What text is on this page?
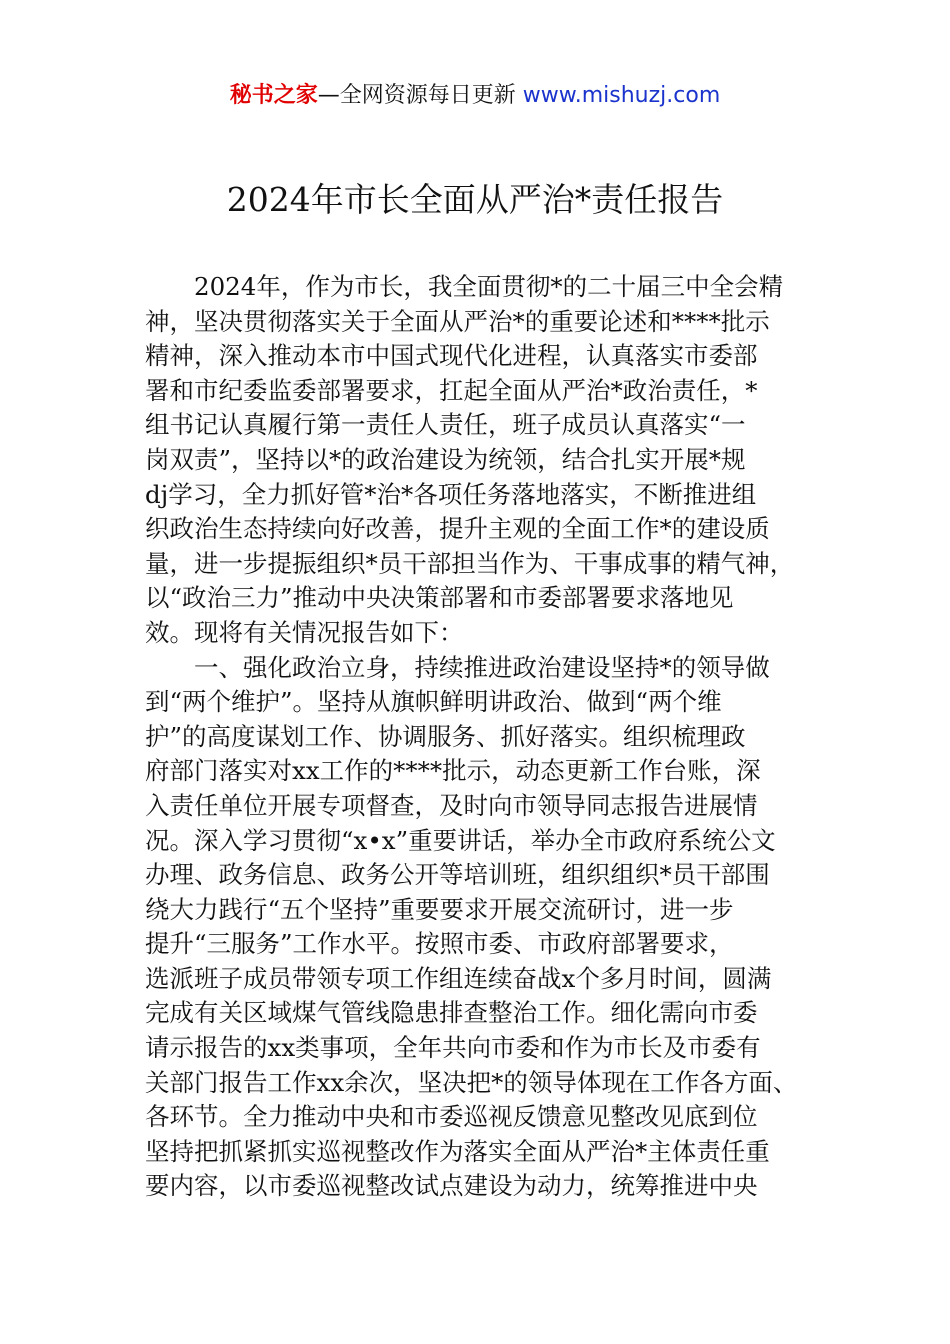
秘书之家—全网资源每日更新 www.mishuzj.com
2024年市长全面从严治*责任报告

2024年，作为市长，我全面贯彻*的二十届三中全会精
神，坚决贯彻落实关于全面从严治*的重要论述和****批示
精神，深入推动本市中国式现代化进程，认真落实市委部
署和市纪委监委部署要求，扛起全面从严治*政治责任，*
组书记认真履行第一责任人责任，班子成员认真落实“一
岗双责”，坚持以*的政治建设为统领，结合扎实开展*规
dj学习，全力抓好管*治*各项任务落地落实，不断推进组
织政治生态持续向好改善，提升主观的全面工作*的建设质
量，进一步提振组织*员干部担当作为、干事成事的精气神，
以“政治三力”推动中央决策部署和市委部署要求落地见
效。现将有关情况报告如下：

一、强化政治立身，持续推进政治建设坚持*的领导做
到“两个维护”。坚持从旗帜鲜明讲政治、做到“两个维
护”的高度谋划工作、协调服务、抓好落实。组织梳理政
府部门落实对xx工作的****批示，动态更新工作台账，深
入责任单位开展专项督查，及时向市领导同志报告进展情
况。深入学习贯彻“x•x”重要讲话，举办全市政府系统公文
办理、政务信息、政务公开等培训班，组织组织*员干部围
绕大力践行“五个坚持”重要要求开展交流研讨，进一步
提升“三服务”工作水平。按照市委、市政府部署要求，
选派班子成员带领专项工作组连续奋战x个多月时间，圆满
完成有关区域煤气管线隐患排查整治工作。细化需向市委
请示报告的xx类事项，全年共向市委和作为市长及市委有
关部门报告工作xx余次，坚决把*的领导体现在工作各方面、
各环节。全力推动中央和市委巡视反馈意见整改见底到位
坚持把抓紧抓实巡视整改作为落实全面从严治*主体责任重
要内容，以市委巡视整改试点建设为动力，统筹推进中央
